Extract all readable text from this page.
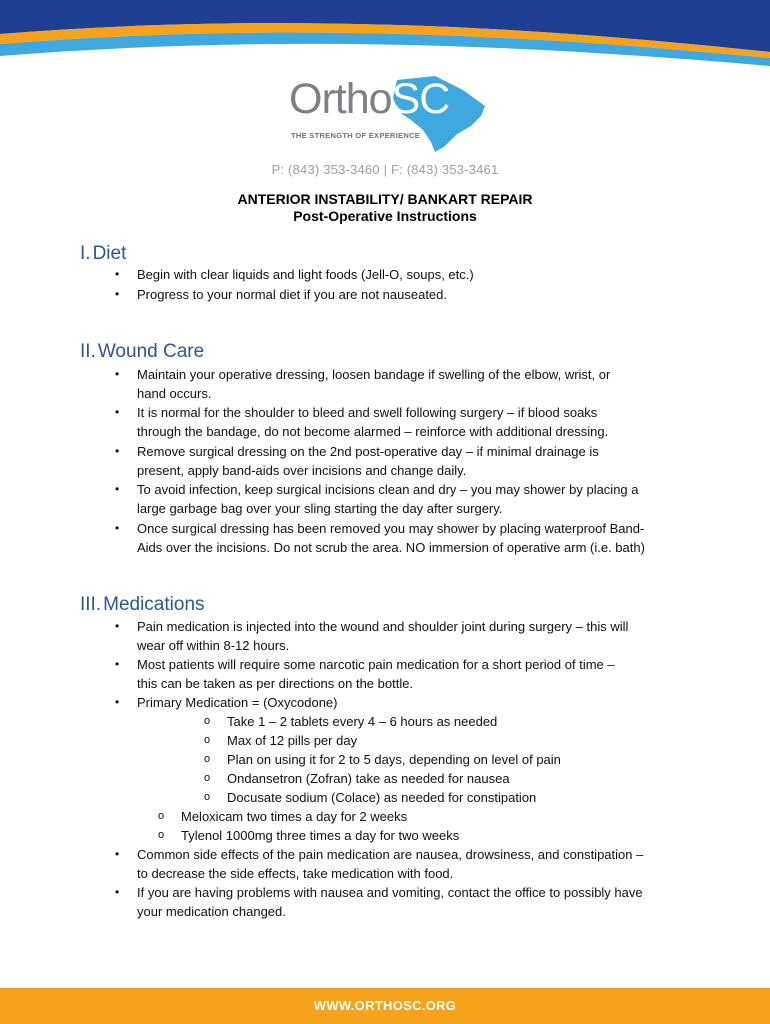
OrthoSC
THE STRENGTH OF EXPERIENCE
P: (843) 353-3460 | F: (843) 353-3461
ANTERIOR INSTABILITY/ BANKART REPAIR
Post-Operative Instructions
I. Diet
• Begin with clear liquids and light foods (Jell-O, soups, etc.)
• Progress to your normal diet if you are not nauseated.
II. Wound Care
• Maintain your operative dressing, loosen bandage if swelling of the elbow, wrist, or
hand occurs.
• It is normal for the shoulder to bleed and swell following surgery – if blood soaks
through the bandage, do not become alarmed – reinforce with additional dressing.
• Remove surgical dressing on the 2nd post-operative day – if minimal drainage is
present, apply band-aids over incisions and change daily.
• To avoid infection, keep surgical incisions clean and dry – you may shower by placing a
large garbage bag over your sling starting the day after surgery.
• Once surgical dressing has been removed you may shower by placing waterproof Band-
Aids over the incisions. Do not scrub the area. NO immersion of operative arm (i.e. bath)
III. Medications
• Pain medication is injected into the wound and shoulder joint during surgery – this will
wear off within 8-12 hours.
• Most patients will require some narcotic pain medication for a short period of time –
this can be taken as per directions on the bottle.
• Primary Medication = (Oxycodone)
o Take 1 – 2 tablets every 4 – 6 hours as needed
o Max of 12 pills per day
o Plan on using it for 2 to 5 days, depending on level of pain
o Ondansetron (Zofran) take as needed for nausea
o Docusate sodium (Colace) as needed for constipation
o Meloxicam two times a day for 2 weeks
o Tylenol 1000mg three times a day for two weeks
• Common side effects of the pain medication are nausea, drowsiness, and constipation –
to decrease the side effects, take medication with food.
• If you are having problems with nausea and vomiting, contact the office to possibly have
your medication changed.
WWW.ORTHOSC.ORG
